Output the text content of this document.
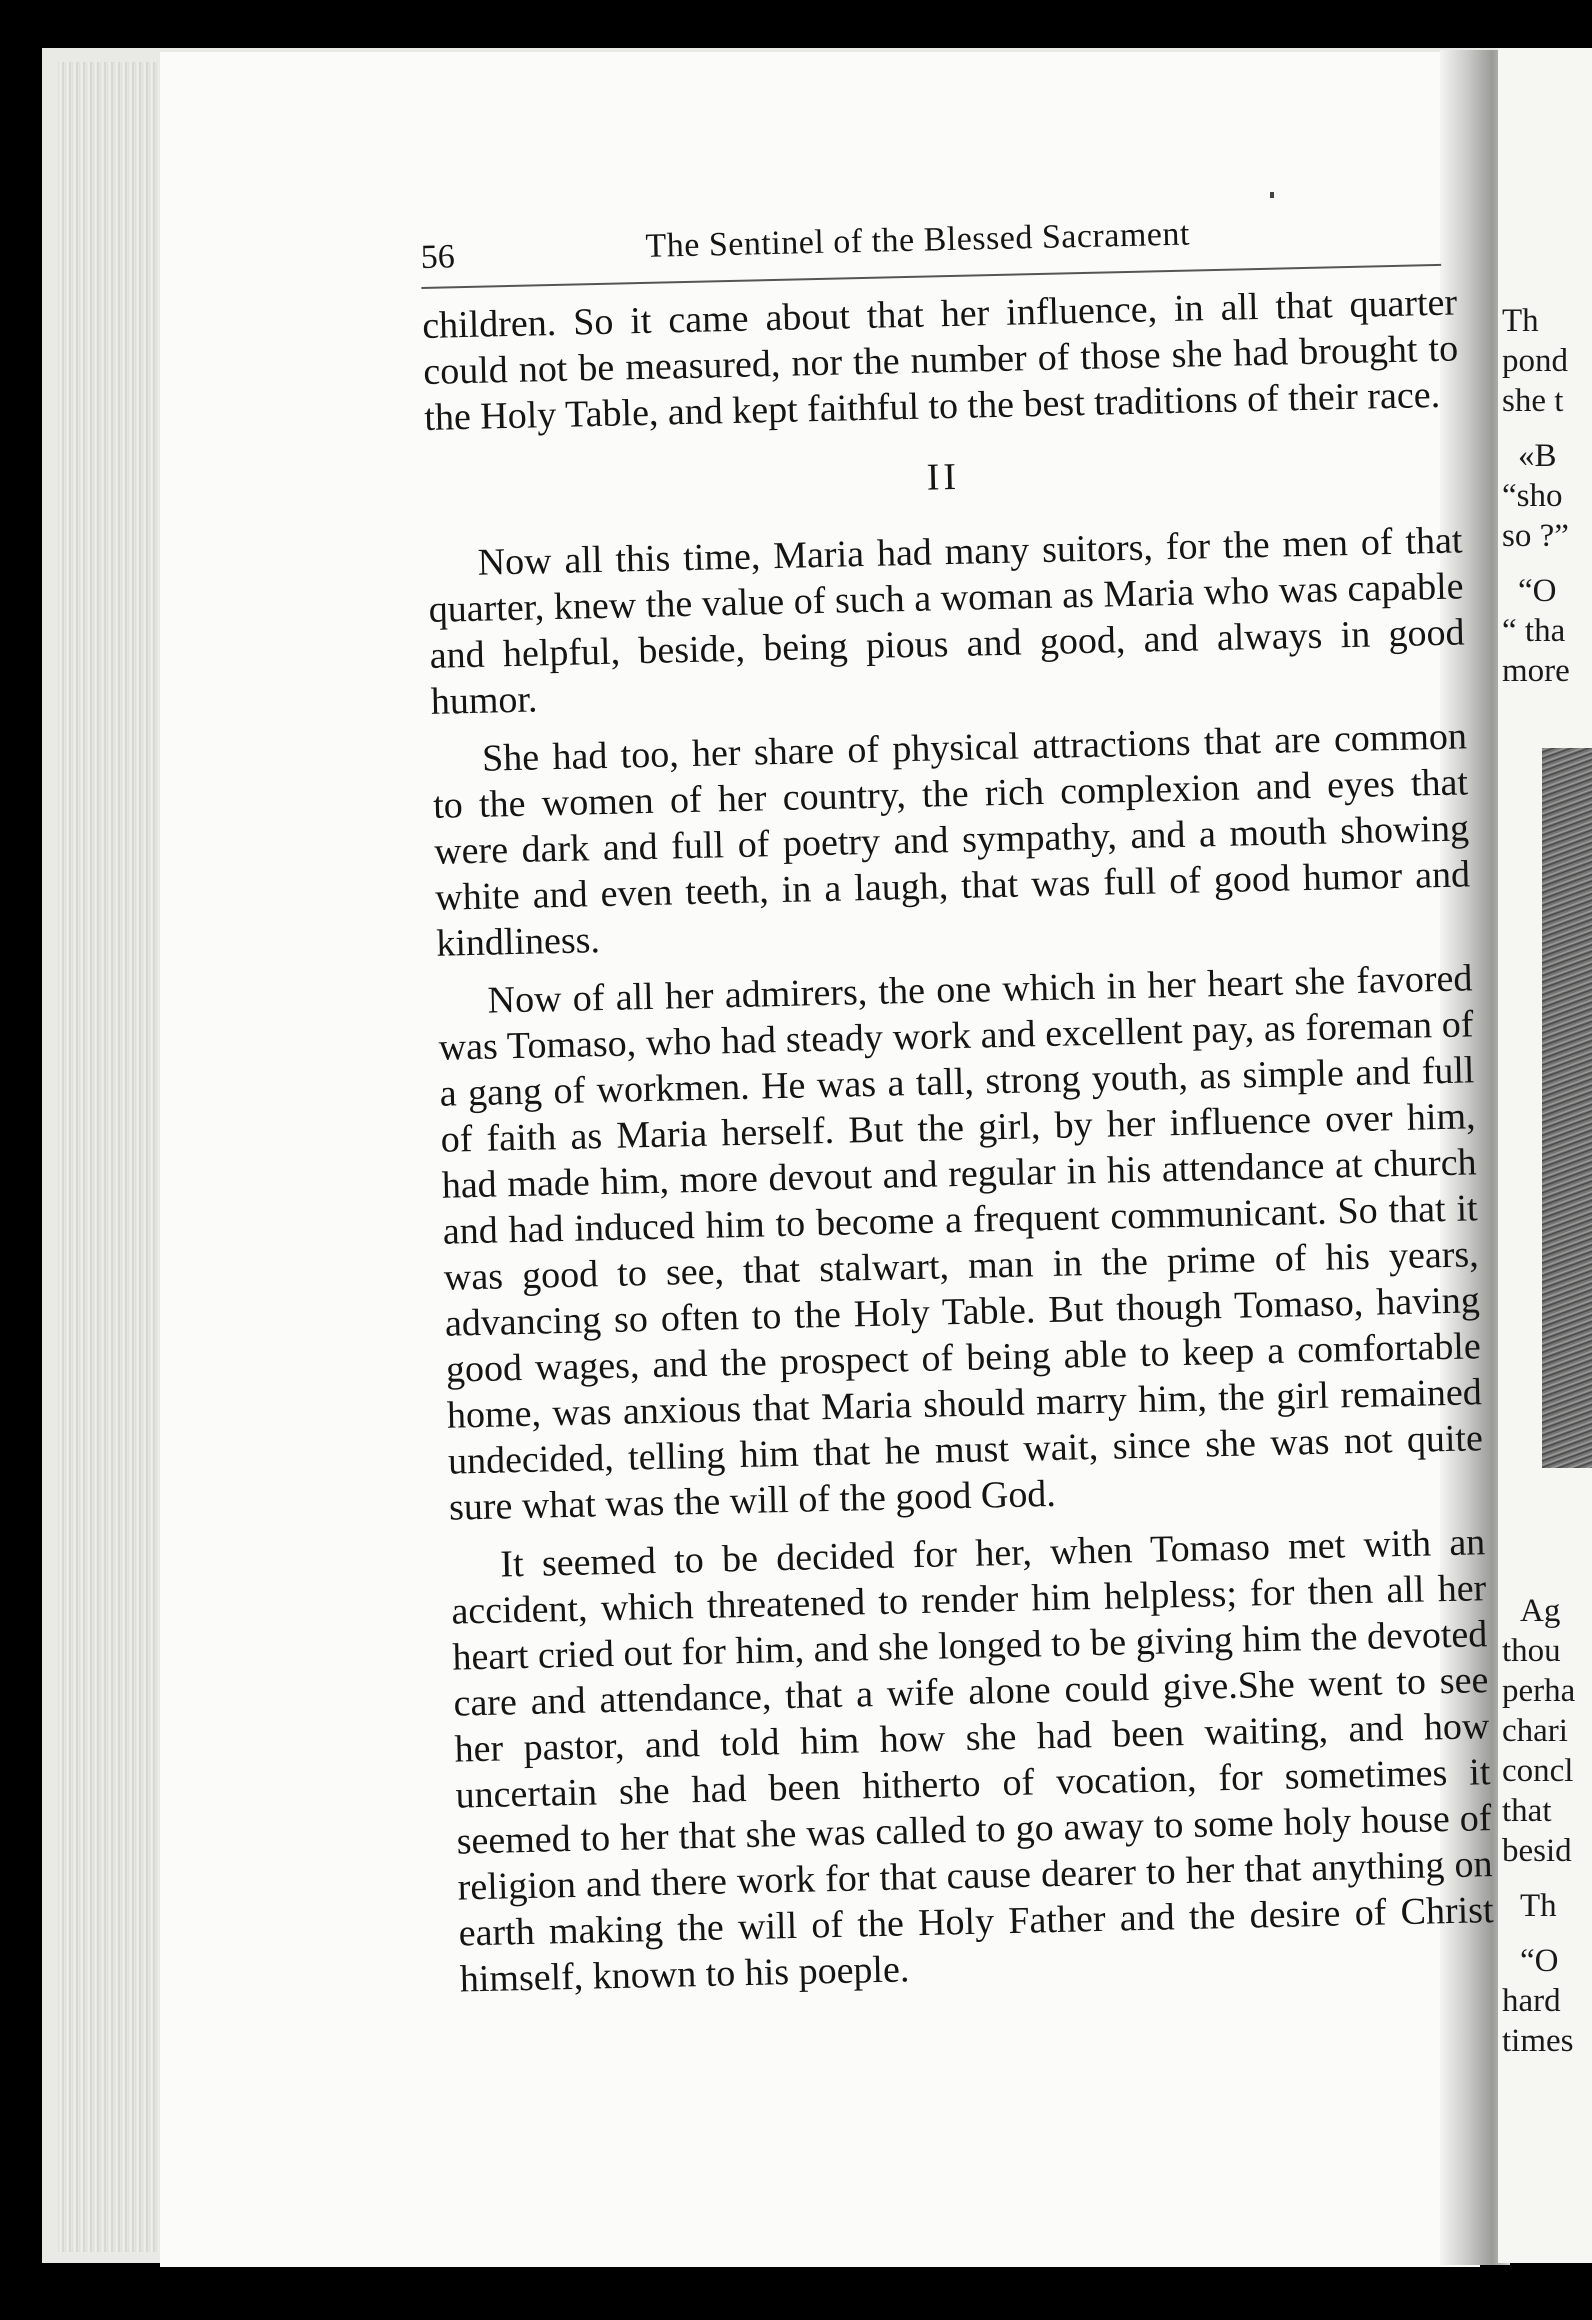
Th
pond
she t
«B
“sho
so ?”
“O
“ tha
more
Ag
thou
perha
chari
concl
that
besid
Th
“O
hard
times
56	The Sentinel of the Blessed Sacrament

children. So it came about that her influence, in all that quarter could not be measured, nor the number of those she had brought to the Holy Table, and kept faithful to the best traditions of their race.

II

Now all this time, Maria had many suitors, for the men of that quarter, knew the value of such a woman as Maria who was capable and helpful, beside, being pious and good, and always in good humor.

She had too, her share of physical attractions that are common to the women of her country, the rich complexion and eyes that were dark and full of poetry and sympathy, and a mouth showing white and even teeth, in a laugh, that was full of good humor and kindliness.

Now of all her admirers, the one which in her heart she favored was Tomaso, who had steady work and excellent pay, as foreman of a gang of workmen. He was a tall, strong youth, as simple and full of faith as Maria herself. But the girl, by her influence over him, had made him, more devout and regular in his attendance at church and had induced him to become a frequent communicant. So that it was good to see, that stalwart, man in the prime of his years, advancing so often to the Holy Table. But though Tomaso, having good wages, and the prospect of being able to keep a comfortable home, was anxious that Maria should marry him, the girl remained undecided, telling him that he must wait, since she was not quite sure what was the will of the good God.

It seemed to be decided for her, when Tomaso met with an accident, which threatened to render him helpless; for then all her heart cried out for him, and she longed to be giving him the devoted care and attendance, that a wife alone could give.She went to see her pastor, and told him how she had been waiting, and how uncertain she had been hitherto of vocation, for sometimes it seemed to her that she was called to go away to some holy house of religion and there work for that cause dearer to her that anything on earth making the will of the Holy Father and the desire of Christ himself, known to his poeple.
